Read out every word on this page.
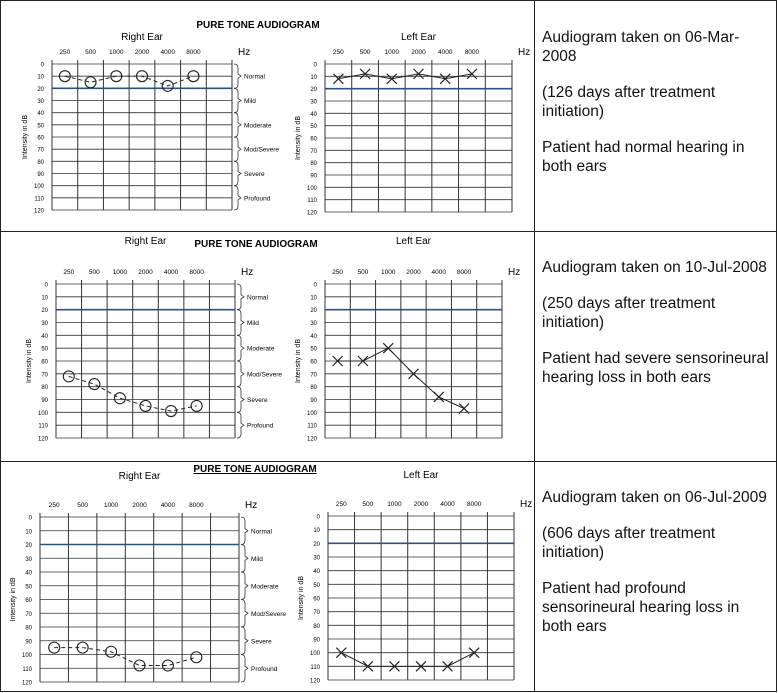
PURE TONE AUDIOGRAM
Right Ear
250 500 1000 2000 4000 8000	Hz
0
10
20
30
40
50
60
70
80
90
100
110
120
Intensity in dB
Normal
Mild
Moderate
Mod/Severe
Severe
Profound
Left Ear
250 500 1000 2000 4000 8000	Hz
0
10
20
30
40
50
60
70
80
90
100
110
120
Intensity in dB

Audiogram taken on 06-Mar-2008

(126 days after treatment initiation)

Patient had normal hearing in both ears

PURE TONE AUDIOGRAM
Right Ear
250 500 1000 2000 4000 8000	Hz
0
10
20
30
40
50
60
70
80
90
100
110
120
Intensity in dB
Normal
Mild
Moderate
Mod/Severe
Severe
Profound
Left Ear
250 500 1000 2000 4000 8000	Hz
0
10
20
30
40
50
60
70
80
90
100
110
120
Intensity in dB

Audiogram taken on 10-Jul-2008

(250 days after treatment initiation)

Patient had severe sensorineural hearing loss in both ears

PURE TONE AUDIOGRAM
Right Ear
250	500 1000 2000 4000 8000	Hz
0
10
20
30
40
50
60
70
80
90
100
110
120
Intensity in dB
Normal
Mild
Moderate
Mod/Severe
Severe
Profound
Left Ear
250 500 1000 2000 4000 8000	Hz
0
10
20
30
40
50
60
70
80
90
100
110
120
Intensity in dB

Audiogram taken on 06-Jul-2009

(606 days after treatment initiation)

Patient had profound sensorineural hearing loss in both ears
